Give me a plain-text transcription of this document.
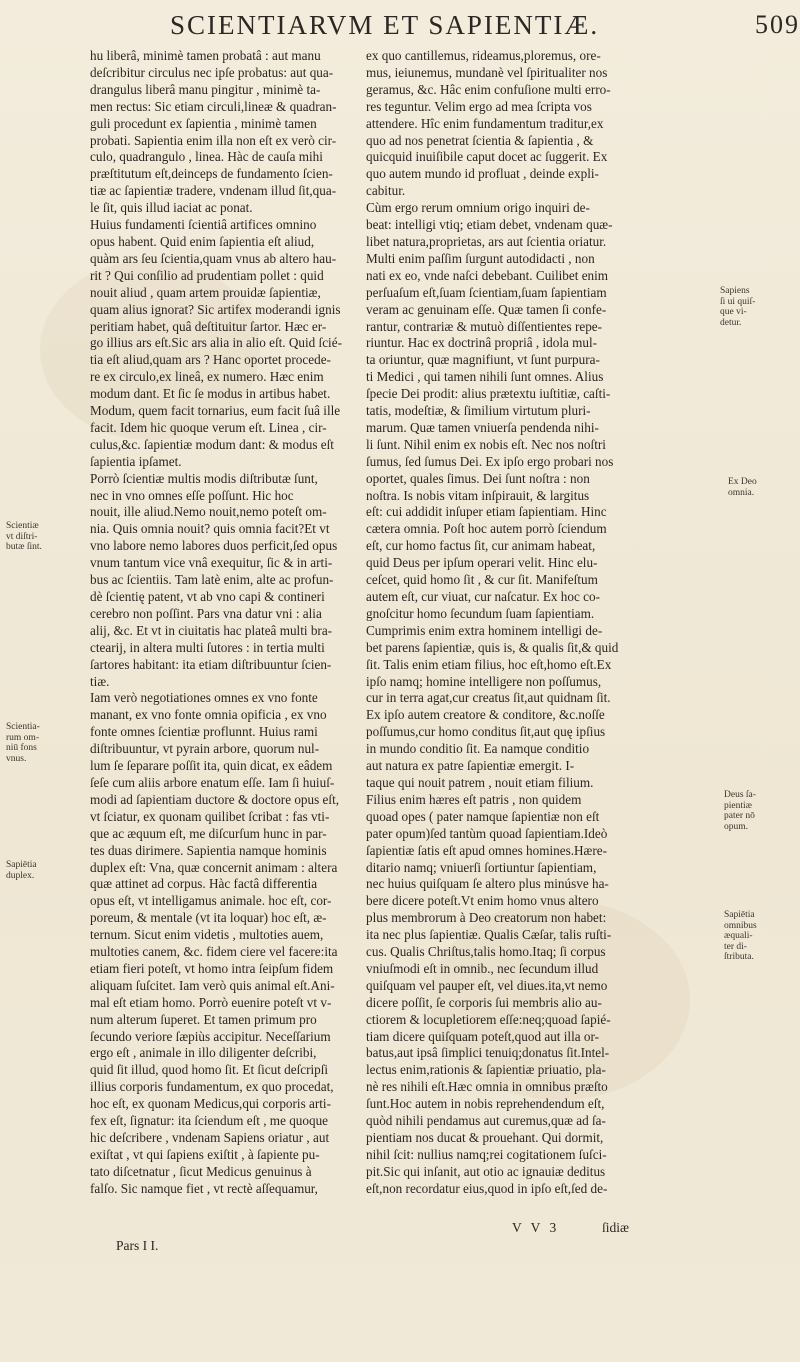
SCIENTIARVM ET SAPIENTIÆ.	509

hu liberâ, minimè tamen probatâ : aut manu

deſcribitur circulus nec ipſe probatus: aut qua-

drangulus liberâ manu pingitur , minimè ta-

men rectus: Sic etiam circuli,lineæ & quadran-

guli procedunt ex ſapientia , minimè tamen

probati. Sapientia enim illa non eſt ex verò cir-

culo, quadrangulo , linea. Hàc de cauſa mihi

præſtitutum eſt,deinceps de fundamento ſcien-

tiæ ac ſapientiæ tradere, vndenam illud ſit,qua-

le ſit, quis illud iaciat ac ponat.

Huius fundamenti ſcientiâ artifices omnino

opus habent. Quid enim ſapientia eſt aliud,

quàm ars ſeu ſcientia,quam vnus ab altero hau-

rit ? Qui conſilio ad prudentiam pollet : quid

nouit aliud , quam artem prouidæ ſapientiæ,

quam alius ignorat? Sic artifex moderandi ignis

peritiam habet, quâ deſtituitur ſartor. Hæc er-

go illius ars eſt.Sic ars alia in alio eſt. Quid ſcié-

tia eſt aliud,quam ars ? Hanc oportet procede-

re ex circulo,ex lineâ, ex numero. Hæc enim

modum dant. Et ſic ſe modus in artibus habet.

Modum, quem facit tornarius, eum facit ſuâ ille

facit. Idem hic quoque verum eſt. Linea , cir-

culus,&c. ſapientiæ modum dant: & modus eſt

ſapientia ipſamet.

Porrò ſcientiæ multis modis diſtributæ ſunt,

nec in vno omnes eſſe poſſunt. Hic hoc

nouit, ille aliud.Nemo nouit,nemo poteſt om-

nia. Quis omnia nouit? quis omnia facit?Et vt

vno labore nemo labores duos perficit,ſed opus

vnum tantum vice vnâ exequitur, ſic & in arti-

bus ac ſcientiis. Tam latè enim, alte ac profun-

dè ſcientię patent, vt ab vno capi & contineri

cerebro non poſſint. Pars vna datur vni : alia

alij, &c. Et vt in ciuitatis hac plateâ multi bra-

ctearij, in altera multi ſutores : in tertia multi

ſartores habitant: ita etiam diſtribuuntur ſcien-

tiæ.

Iam verò negotiationes omnes ex vno fonte

manant, ex vno fonte omnia opificia , ex vno

fonte omnes ſcientiæ proflunnt. Huius rami

diſtribuuntur, vt pyrain arbore, quorum nul-

lum ſe ſeparare poſſit ita, quin dicat, ex eâdem

ſeſe cum aliis arbore enatum eſſe. Iam ſi huiuſ-

modi ad ſapientiam ductore & doctore opus eſt,

vt ſciatur, ex quonam quilibet ſcribat : fas vti-

que ac æquum eſt, me diſcurſum hunc in par-

tes duas dirimere. Sapientia namque hominis

duplex eſt: Vna, quæ concernit animam : altera

quæ attinet ad corpus. Hàc factâ differentia

opus eſt, vt intelligamus animale. hoc eſt, cor-

poreum, & mentale (vt ita loquar) hoc eſt, æ-

ternum. Sicut enim videtis , multoties auem,

multoties canem, &c. fidem ciere vel facere:ita

etiam fieri poteſt, vt homo intra ſeipſum fidem

aliquam ſuſcitet. Iam verò quis animal eſt.Ani-

mal eſt etiam homo. Porrò euenire poteſt vt v-

num alterum ſuperet. Et tamen primum pro

ſecundo veriore ſæpiùs accipitur. Neceſſarium

ergo eſt , animale in illo diligenter deſcribi,

quid ſit illud, quod homo ſit. Et ſicut deſcripſi

illius corporis fundamentum, ex quo procedat,

hoc eſt, ex quonam Medicus,qui corporis arti-

fex eſt, ſignatur: ita ſciendum eſt , me quoque

hic deſcribere , vndenam Sapiens oriatur , aut

exiſtat , vt qui ſapiens exiſtit , à ſapiente pu-

tato diſcetnatur , ſicut Medicus genuinus à

falſo. Sic namque fiet , vt rectè aſſequamur,

ex quo cantillemus, rideamus,ploremus, ore-

mus, ieiunemus, mundanè vel ſpiritualiter nos

geramus, &c. Hâc enim confuſione multi erro-

res teguntur. Velim ergo ad mea ſcripta vos

attendere. Hîc enim fundamentum traditur,ex

quo ad nos penetrat ſcientia & ſapientia , &

quicquid inuiſibile caput docet ac ſuggerit. Ex

quo autem mundo id profluat , deinde expli-

cabitur.

Cùm ergo rerum omnium origo inquiri de-

beat: intelligi vtiq; etiam debet, vndenam quæ-

libet natura,proprietas, ars aut ſcientia oriatur.

Multi enim paſſim ſurgunt autodidacti , non

nati ex eo, vnde naſci debebant. Cuilibet enim

perſuaſum eſt,ſuam ſcientiam,ſuam ſapientiam

veram ac genuinam eſſe. Quæ tamen ſi confe-

rantur, contrariæ & mutuò diſſentientes repe-

riuntur. Hac ex doctrinâ propriâ , idola mul-

ta oriuntur, quæ magnifiunt, vt ſunt purpura-

ti Medici , qui tamen nihili ſunt omnes. Alius

ſpecie Dei prodit: alius prætextu iuſtitiæ, caſti-

tatis, modeſtiæ, & ſimilium virtutum pluri-

marum. Quæ tamen vniuerſa pendenda nihi-

li ſunt. Nihil enim ex nobis eſt. Nec nos noſtri

ſumus, ſed ſumus Dei. Ex ipſo ergo probari nos

oportet, quales ſimus. Dei ſunt noſtra : non

noſtra. Is nobis vitam inſpirauit, & largitus

eſt: cui addidit inſuper etiam ſapientiam. Hinc

cætera omnia. Poſt hoc autem porrò ſciendum

eſt, cur homo factus ſit, cur animam habeat,

quid Deus per ipſum operari velit. Hinc elu-

ceſcet, quid homo ſit , & cur ſit. Manifeſtum

autem eſt, cur viuat, cur naſcatur. Ex hoc co-

gnoſcitur homo ſecundum ſuam ſapientiam.

Cumprimis enim extra hominem intelligi de-

bet parens ſapientiæ, quis is, & qualis ſit,& quid

ſit. Talis enim etiam filius, hoc eſt,homo eſt.Ex

ipſo namq; homine intelligere non poſſumus,

cur in terra agat,cur creatus ſit,aut quidnam ſit.

Ex ipſo autem creatore & conditore, &c.noſſe

poſſumus,cur homo conditus ſit,aut quę ipſius

in mundo conditio ſit. Ea namque conditio

aut natura ex patre ſapientiæ emergit. I-

taque qui nouit patrem , nouit etiam filium.

Filius enim hæres eſt patris , non quidem

quoad opes ( pater namque ſapientiæ non eſt

pater opum)ſed tantùm quoad ſapientiam.Ideò

ſapientiæ ſatis eſt apud omnes homines.Hære-

ditario namq; vniuerſi ſortiuntur ſapientiam,

nec huius quiſquam ſe altero plus minúsve ha-

bere dicere poteſt.Vt enim homo vnus altero

plus membrorum à Deo creatorum non habet:

ita nec plus ſapientiæ. Qualis Cæſar, talis ruſti-

cus. Qualis Chriſtus,talis homo.Itaq; ſi corpus

vniuſmodi eſt in omnib., nec ſecundum illud

quiſquam vel pauper eſt, vel diues.ita,vt nemo

dicere poſſit, ſe corporis ſui membris alio au-

ctiorem & locupletiorem eſſe:neq;quoad ſapié-

tiam dicere quiſquam poteſt,quod aut illa or-

batus,aut ipsâ ſimplici tenuiq;donatus ſit.Intel-

lectus enim,rationis & ſapientiæ priuatio, pla-

nè res nihili eſt.Hæc omnia in omnibus præſto

ſunt.Hoc autem in nobis reprehendendum eſt,

quòd nihili pendamus aut curemus,quæ ad ſa-

pientiam nos ducat & prouehant. Qui dormit,

nihil ſcit: nullius namq;rei cogitationem ſuſci-

pit.Sic qui inſanit, aut otio ac ignauiæ deditus

eſt,non recordatur eius,quod in ipſo eſt,ſed de-

Scientiæ

vt diſtri-

butæ ſint.

Scientia-

rum om-

niū fons

vnus.

Sapiētia

duplex.

Sapiens

ſi ui quiſ-

que vi-

detur.

Ex Deo

omnia.

Deus ſa-

pientiæ

pater nō

opum.

Sapiētia

omnibus

æquali-

ter di-

ſtributa.

Pars I I.
V V 3	ſidiæ
